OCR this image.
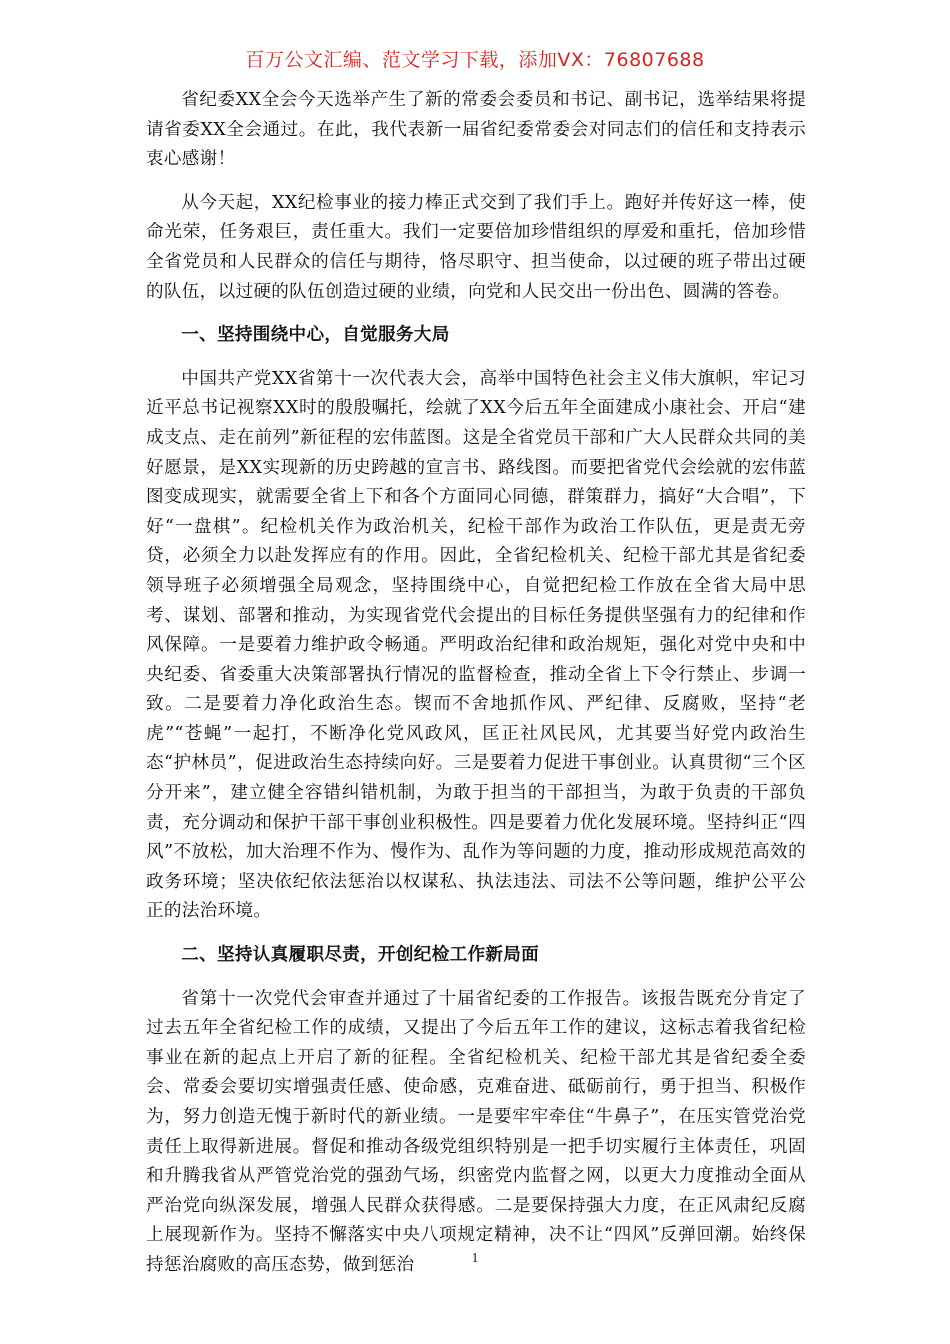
百万公文汇编、范文学习下载，添加VX：76807688

省纪委XX全会今天选举产生了新的常委会委员和书记、副书记，选举结果将提请省委XX全会通过。在此，我代表新一届省纪委常委会对同志们的信任和支持表示衷心感谢！

从今天起，XX纪检事业的接力棒正式交到了我们手上。跑好并传好这一棒，使命光荣，任务艰巨，责任重大。我们一定要倍加珍惜组织的厚爱和重托，倍加珍惜全省党员和人民群众的信任与期待，恪尽职守、担当使命，以过硬的班子带出过硬的队伍，以过硬的队伍创造过硬的业绩，向党和人民交出一份出色、圆满的答卷。

一、坚持围绕中心，自觉服务大局

中国共产党XX省第十一次代表大会，高举中国特色社会主义伟大旗帜，牢记习近平总书记视察XX时的殷殷嘱托，绘就了XX今后五年全面建成小康社会、开启“建成支点、走在前列”新征程的宏伟蓝图。这是全省党员干部和广大人民群众共同的美好愿景，是XX实现新的历史跨越的宣言书、路线图。而要把省党代会绘就的宏伟蓝图变成现实，就需要全省上下和各个方面同心同德，群策群力，搞好“大合唱”，下好“一盘棋”。纪检机关作为政治机关，纪检干部作为政治工作队伍，更是责无旁贷，必须全力以赴发挥应有的作用。因此，全省纪检机关、纪检干部尤其是省纪委领导班子必须增强全局观念，坚持围绕中心，自觉把纪检工作放在全省大局中思考、谋划、部署和推动，为实现省党代会提出的目标任务提供坚强有力的纪律和作风保障。一是要着力维护政令畅通。严明政治纪律和政治规矩，强化对党中央和中央纪委、省委重大决策部署执行情况的监督检查，推动全省上下令行禁止、步调一致。二是要着力净化政治生态。锲而不舍地抓作风、严纪律、反腐败，坚持“老虎”“苍蝇”一起打，不断净化党风政风，匡正社风民风，尤其要当好党内政治生态“护林员”，促进政治生态持续向好。三是要着力促进干事创业。认真贯彻“三个区分开来”，建立健全容错纠错机制，为敢于担当的干部担当，为敢于负责的干部负责，充分调动和保护干部干事创业积极性。四是要着力优化发展环境。坚持纠正“四风”不放松，加大治理不作为、慢作为、乱作为等问题的力度，推动形成规范高效的政务环境；坚决依纪依法惩治以权谋私、执法违法、司法不公等问题，维护公平公正的法治环境。

二、坚持认真履职尽责，开创纪检工作新局面

省第十一次党代会审查并通过了十届省纪委的工作报告。该报告既充分肯定了过去五年全省纪检工作的成绩，又提出了今后五年工作的建议，这标志着我省纪检事业在新的起点上开启了新的征程。全省纪检机关、纪检干部尤其是省纪委全委会、常委会要切实增强责任感、使命感，克难奋进、砥砺前行，勇于担当、积极作为，努力创造无愧于新时代的新业绩。一是要牢牢牵住“牛鼻子”，在压实管党治党责任上取得新进展。督促和推动各级党组织特别是一把手切实履行主体责任，巩固和升腾我省从严管党治党的强劲气场，织密党内监督之网，以更大力度推动全面从严治党向纵深发展，增强人民群众获得感。二是要保持强大力度，在正风肃纪反腐上展现新作为。坚持不懈落实中央八项规定精神，决不让“四风”反弹回潮。始终保持惩治腐败的高压态势，做到惩治	1
